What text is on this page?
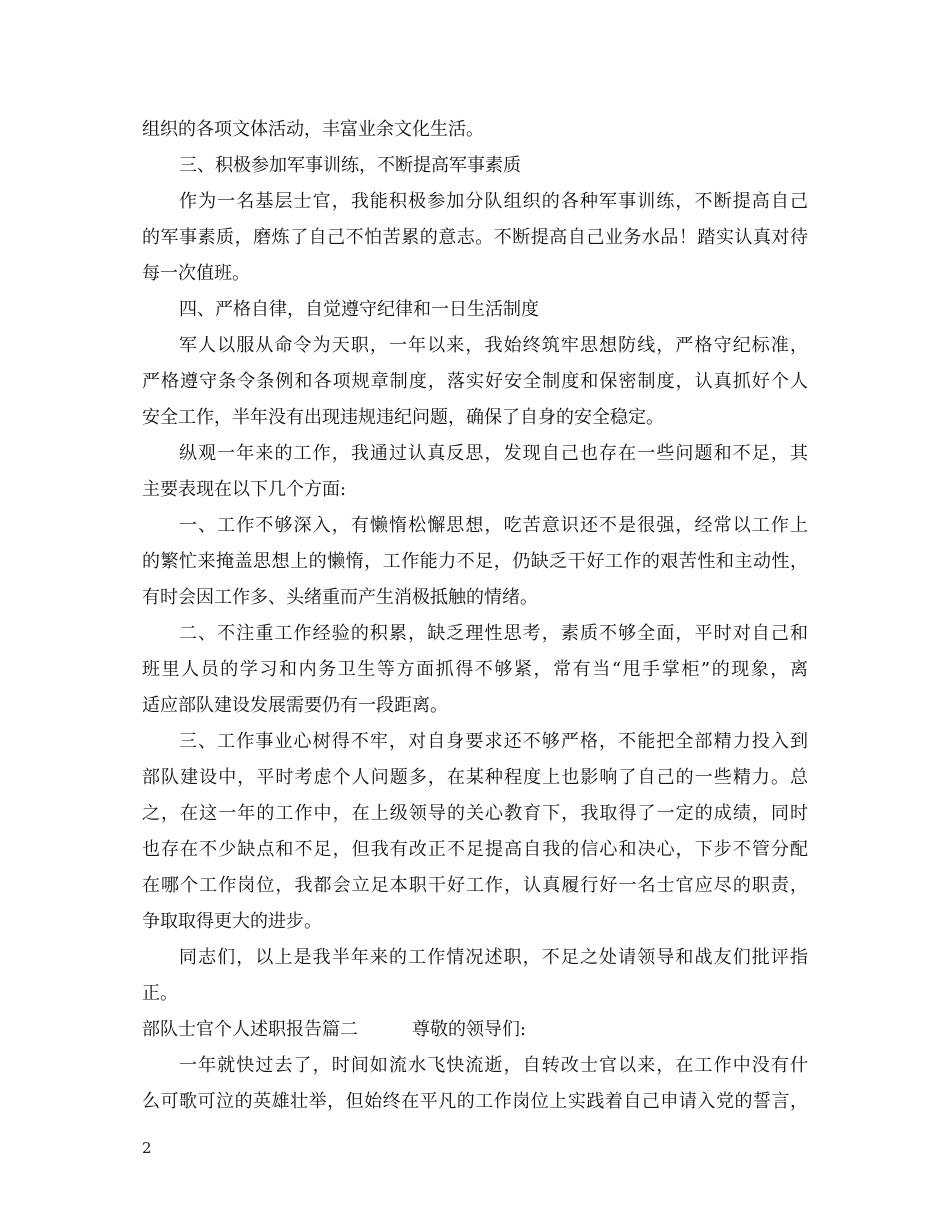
组织的各项文体活动，丰富业余文化生活。
三、积极参加军事训练，不断提高军事素质
作为一名基层士官，我能积极参加分队组织的各种军事训练，不断提高自己
的军事素质，磨炼了自己不怕苦累的意志。不断提高自己业务水品！踏实认真对待
每一次值班。
四、严格自律，自觉遵守纪律和一日生活制度
军人以服从命令为天职，一年以来，我始终筑牢思想防线，严格守纪标准，
严格遵守条令条例和各项规章制度，落实好安全制度和保密制度，认真抓好个人
安全工作，半年没有出现违规违纪问题，确保了自身的安全稳定。
纵观一年来的工作，我通过认真反思，发现自己也存在一些问题和不足，其
主要表现在以下几个方面:
一、工作不够深入，有懒惰松懈思想，吃苦意识还不是很强，经常以工作上
的繁忙来掩盖思想上的懒惰，工作能力不足，仍缺乏干好工作的艰苦性和主动性，
有时会因工作多、头绪重而产生消极抵触的情绪。
二、不注重工作经验的积累，缺乏理性思考，素质不够全面，平时对自己和
班里人员的学习和内务卫生等方面抓得不够紧，常有当“甩手掌柜”的现象，离
适应部队建设发展需要仍有一段距离。
三、工作事业心树得不牢，对自身要求还不够严格，不能把全部精力投入到
部队建设中，平时考虑个人问题多，在某种程度上也影响了自己的一些精力。总
之，在这一年的工作中，在上级领导的关心教育下，我取得了一定的成绩，同时
也存在不少缺点和不足，但我有改正不足提高自我的信心和决心，下步不管分配
在哪个工作岗位，我都会立足本职干好工作，认真履行好一名士官应尽的职责，
争取取得更大的进步。
同志们，以上是我半年来的工作情况述职，不足之处请领导和战友们批评指
正。
部队士官个人述职报告篇二	尊敬的领导们:
一年就快过去了，时间如流水飞快流逝，自转改士官以来，在工作中没有什
么可歌可泣的英雄壮举，但始终在平凡的工作岗位上实践着自己申请入党的誓言，
2
